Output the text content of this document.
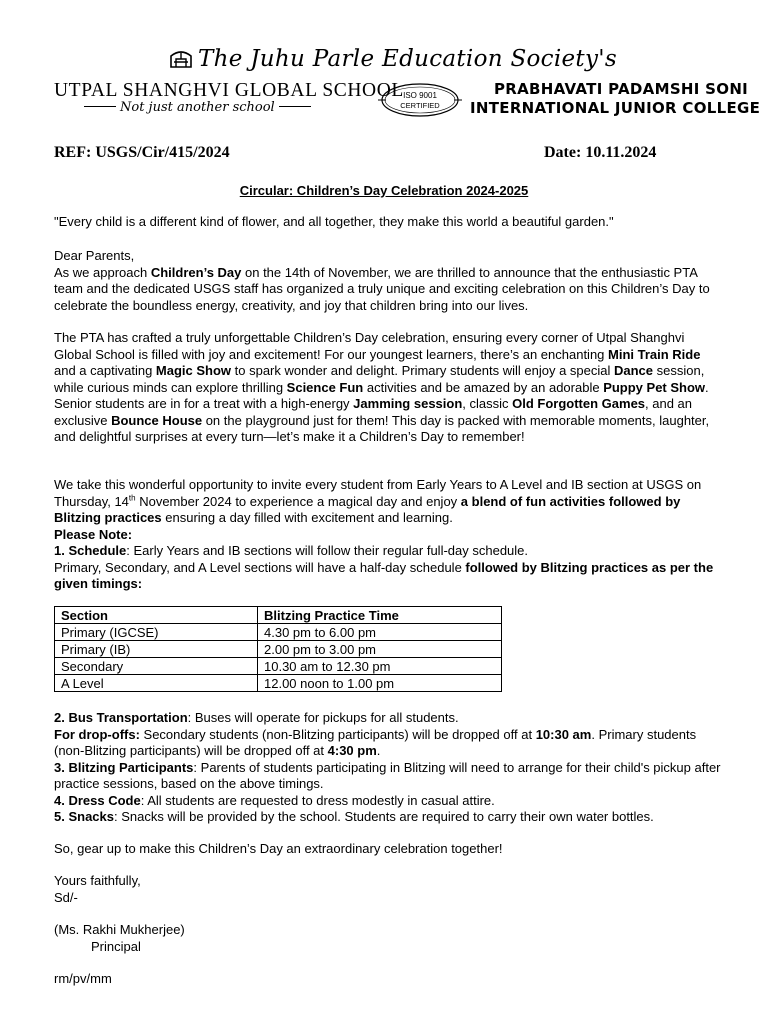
The Juhu Parle Education Society's
UTPAL SHANGHVI GLOBAL SCHOOL
Not just another school
ISO 9001
CERTIFIED
PRABHAVATI PADAMSHI SONI
INTERNATIONAL JUNIOR COLLEGE
REF: USGS/Cir/415/2024	Date: 10.11.2024
Circular: Children’s Day Celebration 2024-2025
"Every child is a different kind of flower, and all together, they make this world a beautiful garden."

Dear Parents,

As we approach Children’s Day on the 14th of November, we are thrilled to announce that the enthusiastic PTA team and the dedicated USGS staff has organized a truly unique and exciting celebration on this Children’s Day to celebrate the boundless energy, creativity, and joy that children bring into our lives.

The PTA has crafted a truly unforgettable Children’s Day celebration, ensuring every corner of Utpal Shanghvi Global School is filled with joy and excitement! For our youngest learners, there’s an enchanting Mini Train Ride and a captivating Magic Show to spark wonder and delight. Primary students will enjoy a special Dance session, while curious minds can explore thrilling Science Fun activities and be amazed by an adorable Puppy Pet Show. Senior students are in for a treat with a high-energy Jamming session, classic Old Forgotten Games, and an exclusive Bounce House on the playground just for them! This day is packed with memorable moments, laughter, and delightful surprises at every turn—let’s make it a Children’s Day to remember!

We take this wonderful opportunity to invite every student from Early Years to A Level and IB section at USGS on Thursday, 14th November 2024 to experience a magical day and enjoy a blend of fun activities followed by Blitzing practices ensuring a day filled with excitement and learning.

Please Note:

1. Schedule: Early Years and IB sections will follow their regular full-day schedule.

Primary, Secondary, and A Level sections will have a half-day schedule followed by Blitzing practices as per the given timings:

Section	Blitzing Practice Time
Primary (IGCSE)	4.30 pm to 6.00 pm
Primary (IB)	2.00 pm to 3.00 pm
Secondary	10.30 am to 12.30 pm
A Level	12.00 noon to 1.00 pm

2. Bus Transportation: Buses will operate for pickups for all students.

For drop-offs: Secondary students (non-Blitzing participants) will be dropped off at 10:30 am. Primary students (non-Blitzing participants) will be dropped off at 4:30 pm.

3. Blitzing Participants: Parents of students participating in Blitzing will need to arrange for their child's pickup after practice sessions, based on the above timings.

4. Dress Code: All students are requested to dress modestly in casual attire.

5. Snacks: Snacks will be provided by the school. Students are required to carry their own water bottles.

So, gear up to make this Children’s Day an extraordinary celebration together!

Yours faithfully,

Sd/-

(Ms. Rakhi Mukherjee)

Principal

rm/pv/mm
